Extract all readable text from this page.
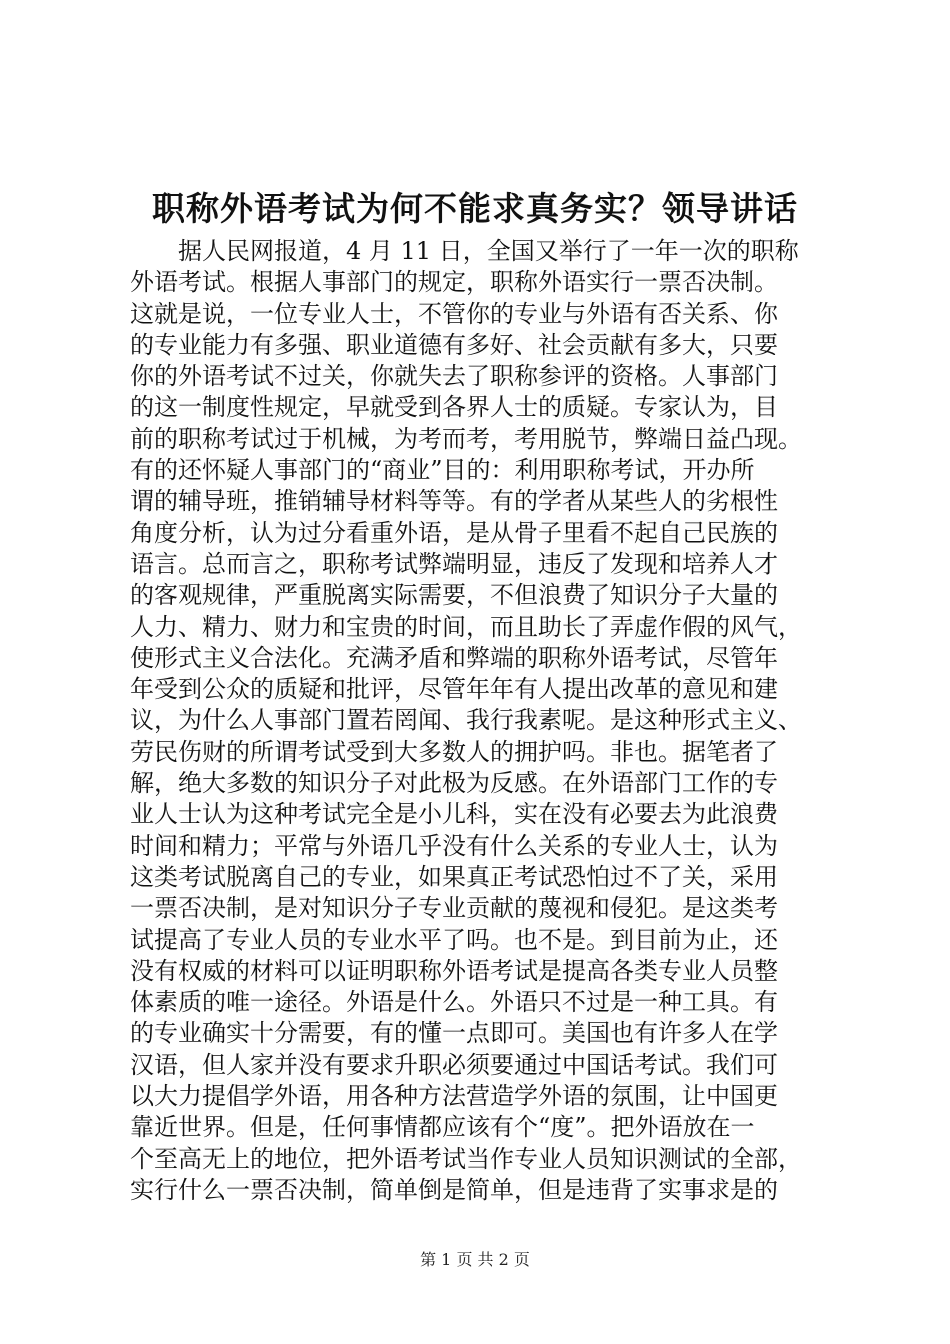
职称外语考试为何不能求真务实？领导讲话
据人民网报道，4 月 11 日，全国又举行了一年一次的职称
外语考试。根据人事部门的规定，职称外语实行一票否决制。
这就是说，一位专业人士，不管你的专业与外语有否关系、你
的专业能力有多强、职业道德有多好、社会贡献有多大，只要
你的外语考试不过关，你就失去了职称参评的资格。人事部门
的这一制度性规定，早就受到各界人士的质疑。专家认为，目
前的职称考试过于机械，为考而考，考用脱节，弊端日益凸现。
有的还怀疑人事部门的“商业”目的：利用职称考试，开办所
谓的辅导班，推销辅导材料等等。有的学者从某些人的劣根性
角度分析，认为过分看重外语，是从骨子里看不起自己民族的
语言。总而言之，职称考试弊端明显，违反了发现和培养人才
的客观规律，严重脱离实际需要，不但浪费了知识分子大量的
人力、精力、财力和宝贵的时间，而且助长了弄虚作假的风气，
使形式主义合法化。充满矛盾和弊端的职称外语考试，尽管年
年受到公众的质疑和批评，尽管年年有人提出改革的意见和建
议，为什么人事部门置若罔闻、我行我素呢。是这种形式主义、
劳民伤财的所谓考试受到大多数人的拥护吗。非也。据笔者了
解，绝大多数的知识分子对此极为反感。在外语部门工作的专
业人士认为这种考试完全是小儿科，实在没有必要去为此浪费
时间和精力；平常与外语几乎没有什么关系的专业人士，认为
这类考试脱离自己的专业，如果真正考试恐怕过不了关，采用
一票否决制，是对知识分子专业贡献的蔑视和侵犯。是这类考
试提高了专业人员的专业水平了吗。也不是。到目前为止，还
没有权威的材料可以证明职称外语考试是提高各类专业人员整
体素质的唯一途径。外语是什么。外语只不过是一种工具。有
的专业确实十分需要，有的懂一点即可。美国也有许多人在学
汉语，但人家并没有要求升职必须要通过中国话考试。我们可
以大力提倡学外语，用各种方法营造学外语的氛围，让中国更
靠近世界。但是，任何事情都应该有个“度”。把外语放在一
个至高无上的地位，把外语考试当作专业人员知识测试的全部，
实行什么一票否决制，简单倒是简单，但是违背了实事求是的
第 1 页 共 2 页
